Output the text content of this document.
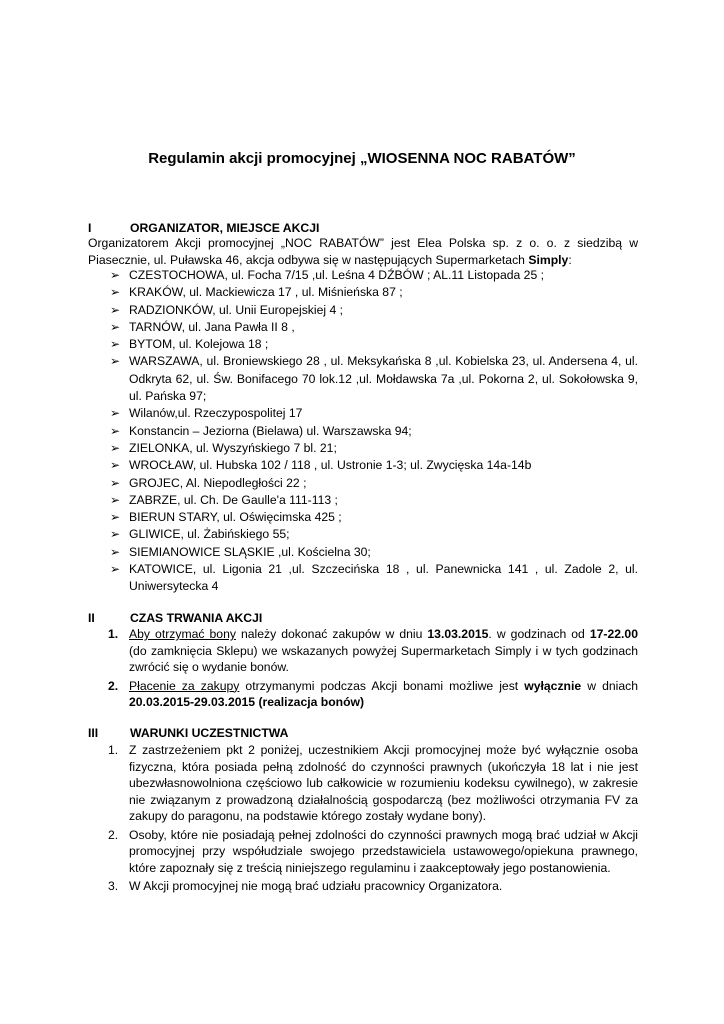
Regulamin akcji promocyjnej „WIOSENNA NOC RABATÓW”
I	ORGANIZATOR, MIEJSCE AKCJI
Organizatorem Akcji promocyjnej „NOC RABATÓW” jest Elea Polska sp. z o. o. z siedzibą w Piasecznie, ul. Puławska 46, akcja odbywa się w następujących Supermarketach Simply:
➢ CZESTOCHOWA, ul. Focha 7/15 ,ul. Leśna 4 DŹBÓW ; AL.11 Listopada 25 ;
➢ KRAKÓW, ul. Mackiewicza 17 , ul. Miśnieńska 87 ;
➢ RADZIONKÓW, ul. Unii Europejskiej 4 ;
➢ TARNÓW, ul. Jana Pawła II 8 ,
➢ BYTOM, ul. Kolejowa 18 ;
➢ WARSZAWA, ul. Broniewskiego 28 , ul. Meksykańska 8 ,ul. Kobielska 23, ul. Andersena 4, ul. Odkryta 62, ul. Św. Bonifacego 70 lok.12 ,ul. Mołdawska 7a ,ul. Pokorna 2, ul. Sokołowska 9, ul. Pańska 97;
➢ Wilanów,ul. Rzeczypospolitej 17
➢ Konstancin – Jeziorna (Bielawa) ul. Warszawska 94;
➢ ZIELONKA, ul. Wyszyńskiego 7 bl. 21;
➢ WROCŁAW, ul. Hubska 102 / 118 , ul. Ustronie 1-3; ul. Zwycięska 14a-14b
➢ GROJEC, Al. Niepodległości 22 ;
➢ ZABRZE, ul. Ch. De Gaulle'a 111-113 ;
➢ BIERUN STARY, ul. Oświęcimska 425 ;
➢ GLIWICE, ul. Żabińskiego 55;
➢ SIEMIANOWICE SLĄSKIE ,ul. Kościelna 30;
➢ KATOWICE, ul. Ligonia 21 ,ul. Szczecińska 18 , ul. Panewnicka 141 , ul. Zadole 2, ul. Uniwersytecka 4
II	CZAS TRWANIA AKCJI
1. Aby otrzymać bony należy dokonać zakupów w dniu 13.03.2015. w godzinach od 17-22.00 (do zamknięcia Sklepu) we wskazanych powyżej Supermarketach Simply i w tych godzinach zwrócić się o wydanie bonów.
2. Płacenie za zakupy otrzymanymi podczas Akcji bonami możliwe jest wyłącznie w dniach 20.03.2015-29.03.2015 (realizacja bonów)
III	WARUNKI UCZESTNICTWA
1. Z zastrzeżeniem pkt 2 poniżej, uczestnikiem Akcji promocyjnej może być wyłącznie osoba fizyczna, która posiada pełną zdolność do czynności prawnych (ukończyła 18 lat i nie jest ubezwłasnowolniona częściowo lub całkowicie w rozumieniu kodeksu cywilnego), w zakresie nie związanym z prowadzoną działalnością gospodarczą (bez możliwości otrzymania FV za zakupy do paragonu, na podstawie którego zostały wydane bony).
2. Osoby, które nie posiadają pełnej zdolności do czynności prawnych mogą brać udział w Akcji promocyjnej przy współudziale swojego przedstawiciela ustawowego/opiekuna prawnego, które zapoznały się z treścią niniejszego regulaminu i zaakceptowały jego postanowienia.
3. W Akcji promocyjnej nie mogą brać udziału pracownicy Organizatora.
